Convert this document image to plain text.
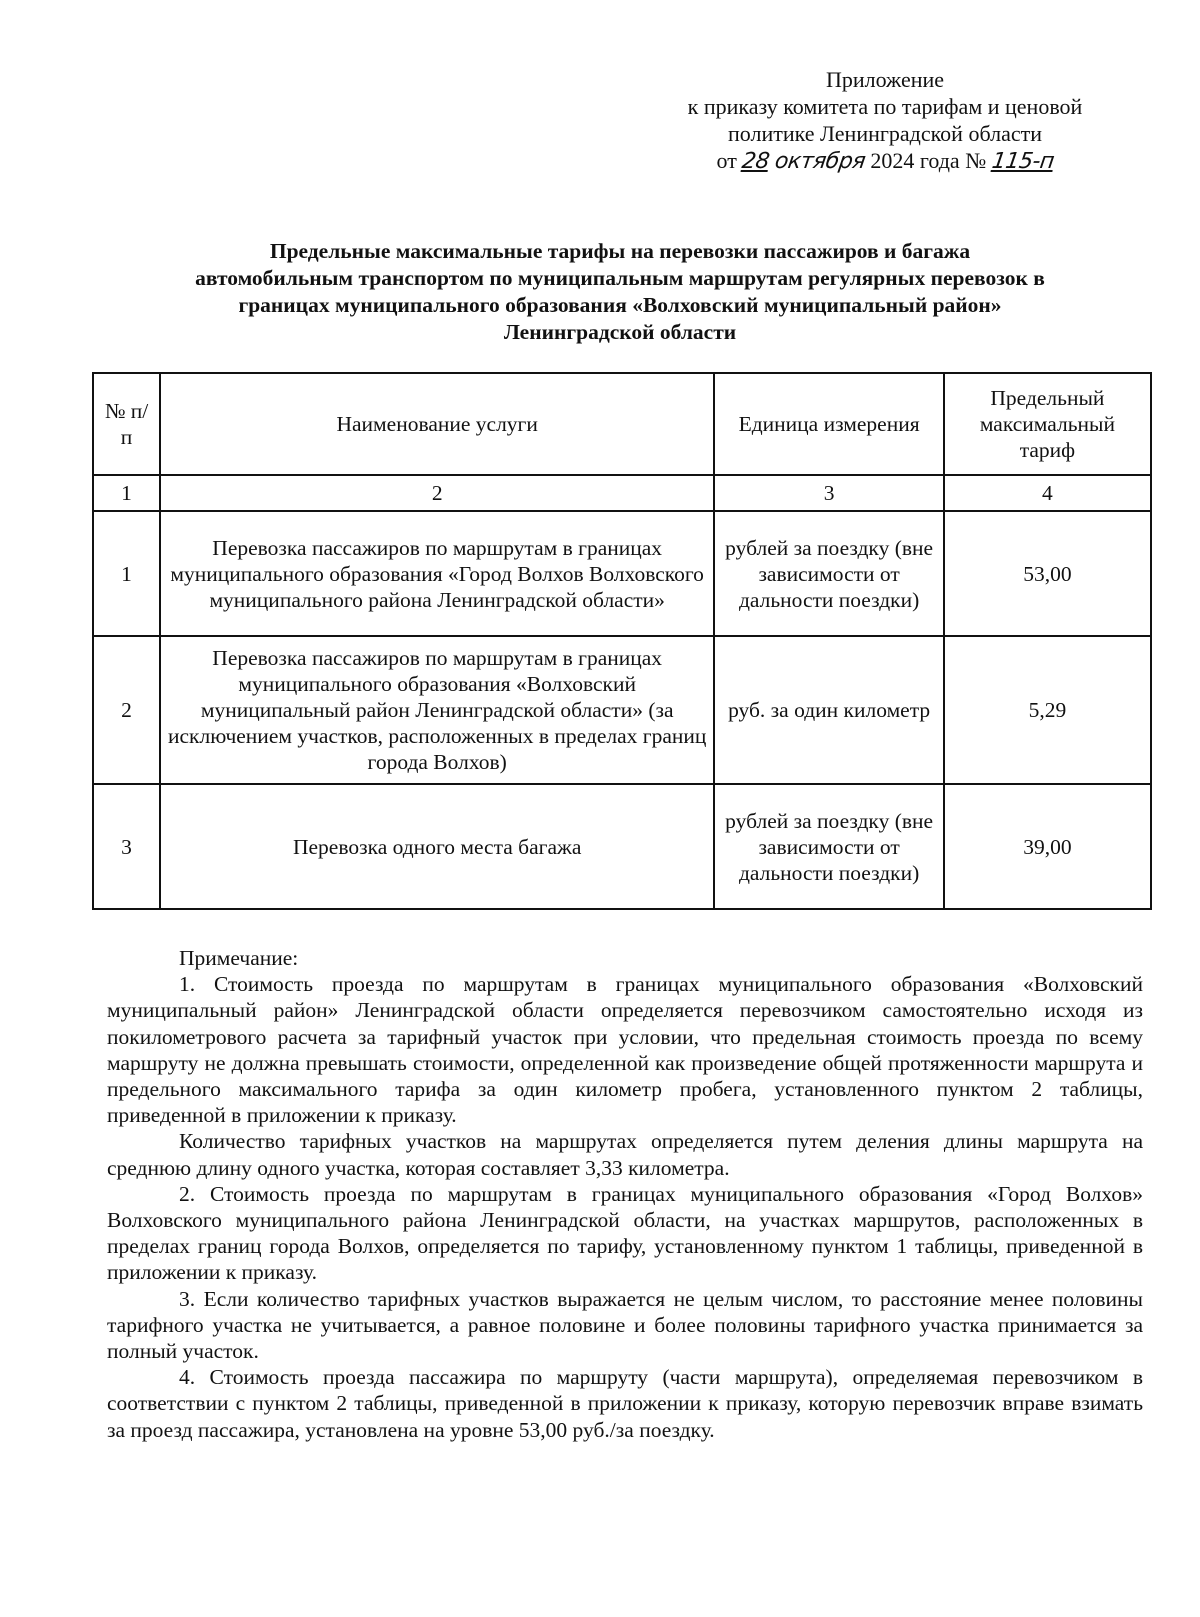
Приложение
к приказу комитета по тарифам и ценовой
политике Ленинградской области
от 28 октября 2024 года № 115-п
Предельные максимальные тарифы на перевозки пассажиров и багажа
автомобильным транспортом по муниципальным маршрутам регулярных перевозок в
границах муниципального образования «Волховский муниципальный район»
Ленинградской области
№ п/п	Наименование услуги	Единица измерения	Предельный максимальный тариф
1	2	3	4
1	Перевозка пассажиров по маршрутам в границах муниципального образования «Город Волхов Волховского муниципального района Ленинградской области»	рублей за поездку (вне зависимости от дальности поездки)	53,00
2	Перевозка пассажиров по маршрутам в границах муниципального образования «Волховский муниципальный район Ленинградской области» (за исключением участков, расположенных в пределах границ города Волхов)	руб. за один километр	5,29
3	Перевозка одного места багажа	рублей за поездку (вне зависимости от дальности поездки)	39,00
Примечание:

1. Стоимость проезда по маршрутам в границах муниципального образования «Волховский муниципальный район» Ленинградской области определяется перевозчиком самостоятельно исходя из покилометрового расчета за тарифный участок при условии, что предельная стоимость проезда по всему маршруту не должна превышать стоимости, определенной как произведение общей протяженности маршрута и предельного максимального тарифа за один километр пробега, установленного пунктом 2 таблицы, приведенной в приложении к приказу.

Количество тарифных участков на маршрутах определяется путем деления длины маршрута на среднюю длину одного участка, которая составляет 3,33 километра.

2. Стоимость проезда по маршрутам в границах муниципального образования «Город Волхов» Волховского муниципального района Ленинградской области, на участках маршрутов, расположенных в пределах границ города Волхов, определяется по тарифу, установленному пунктом 1 таблицы, приведенной в приложении к приказу.

3. Если количество тарифных участков выражается не целым числом, то расстояние менее половины тарифного участка не учитывается, а равное половине и более половины тарифного участка принимается за полный участок.

4. Стоимость проезда пассажира по маршруту (части маршрута), определяемая перевозчиком в соответствии с пунктом 2 таблицы, приведенной в приложении к приказу, которую перевозчик вправе взимать за проезд пассажира, установлена на уровне 53,00 руб./за поездку.
